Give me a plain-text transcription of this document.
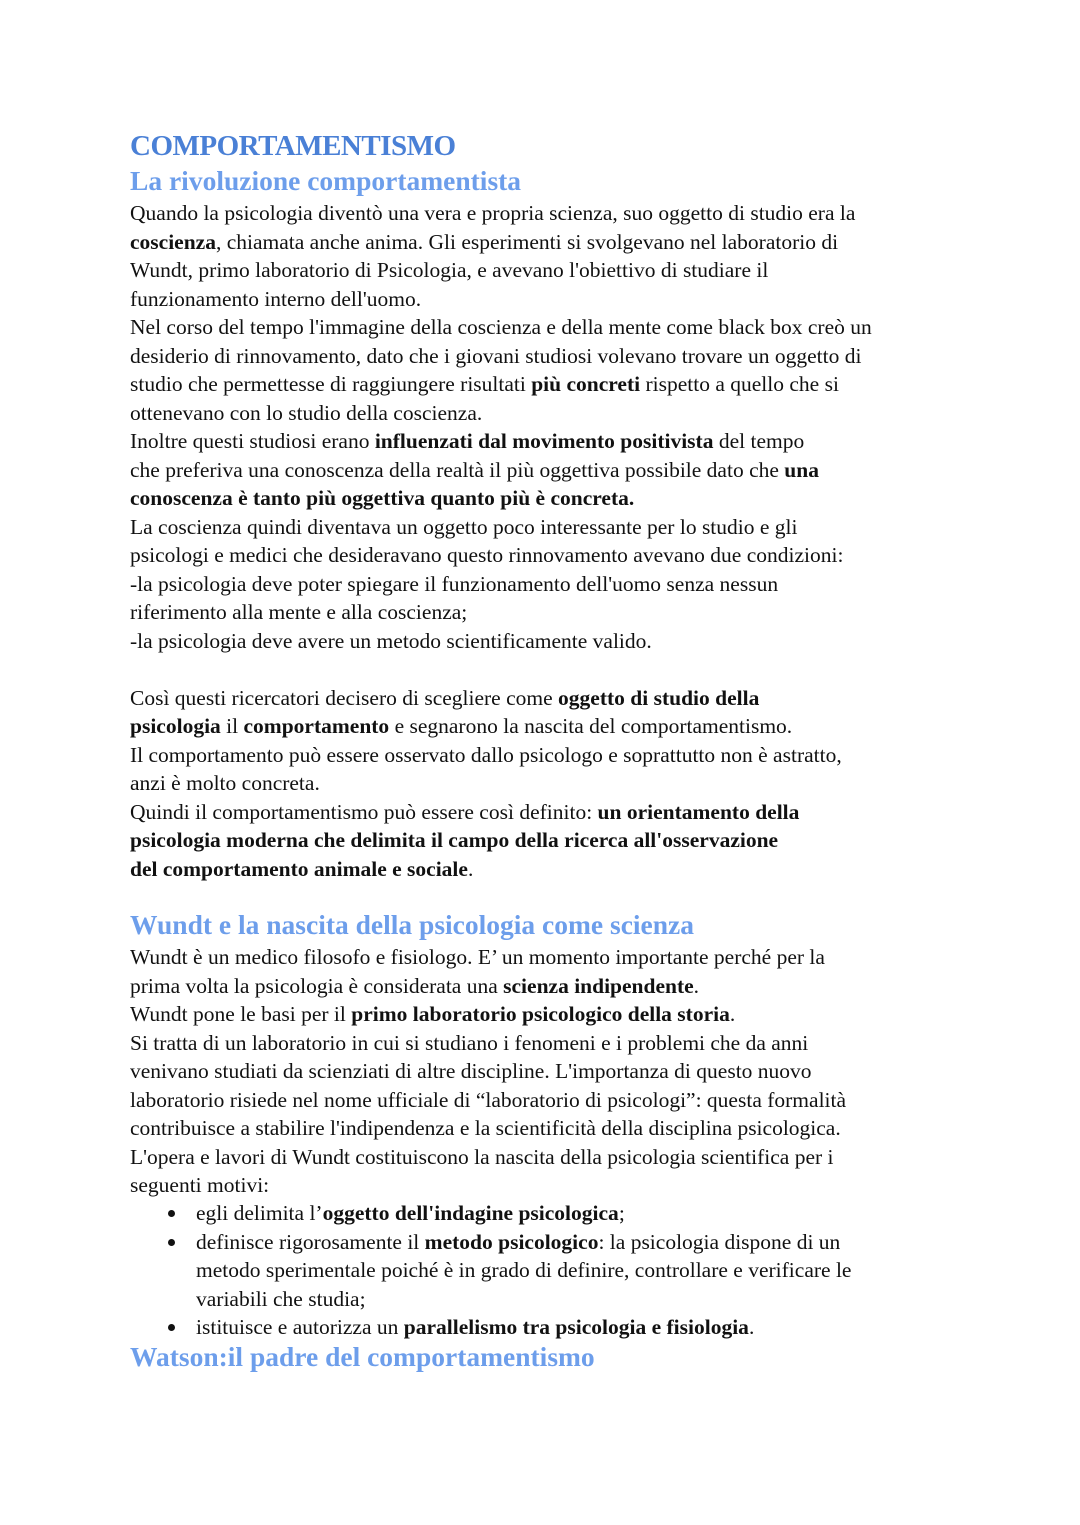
COMPORTAMENTISMO
La rivoluzione comportamentista
Quando la psicologia diventò una vera e propria scienza, suo oggetto di studio era la
coscienza, chiamata anche anima. Gli esperimenti si svolgevano nel laboratorio di
Wundt, primo laboratorio di Psicologia, e avevano l'obiettivo di studiare il
funzionamento interno dell'uomo.
Nel corso del tempo l'immagine della coscienza e della mente come black box creò un
desiderio di rinnovamento, dato che i giovani studiosi volevano trovare un oggetto di
studio che permettesse di raggiungere risultati più concreti rispetto a quello che si
ottenevano con lo studio della coscienza.
Inoltre questi studiosi erano influenzati dal movimento positivista del tempo
che preferiva una conoscenza della realtà il più oggettiva possibile dato che una
conoscenza è tanto più oggettiva quanto più è concreta.
La coscienza quindi diventava un oggetto poco interessante per lo studio e gli
psicologi e medici che desideravano questo rinnovamento avevano due condizioni:
-la psicologia deve poter spiegare il funzionamento dell'uomo senza nessun
riferimento alla mente e alla coscienza;
-la psicologia deve avere un metodo scientificamente valido.
Così questi ricercatori decisero di scegliere come oggetto di studio della
psicologia il comportamento e segnarono la nascita del comportamentismo.
Il comportamento può essere osservato dallo psicologo e soprattutto non è astratto,
anzi è molto concreta.
Quindi il comportamentismo può essere così definito: un orientamento della
psicologia moderna che delimita il campo della ricerca all'osservazione
del comportamento animale e sociale.
Wundt e la nascita della psicologia come scienza
Wundt è un medico filosofo e fisiologo. E’ un momento importante perché per la
prima volta la psicologia è considerata una scienza indipendente.
Wundt pone le basi per il primo laboratorio psicologico della storia.
Si tratta di un laboratorio in cui si studiano i fenomeni e i problemi che da anni
venivano studiati da scienziati di altre discipline. L'importanza di questo nuovo
laboratorio risiede nel nome ufficiale di “laboratorio di psicologi”: questa formalità
contribuisce a stabilire l'indipendenza e la scientificità della disciplina psicologica.
L'opera e lavori di Wundt costituiscono la nascita della psicologia scientifica per i
seguenti motivi:
egli delimita l’oggetto dell'indagine psicologica;
definisce rigorosamente il metodo psicologico: la psicologia dispone di un
metodo sperimentale poiché è in grado di definire, controllare e verificare le
variabili che studia;
istituisce e autorizza un parallelismo tra psicologia e fisiologia.
Watson:il padre del comportamentismo
